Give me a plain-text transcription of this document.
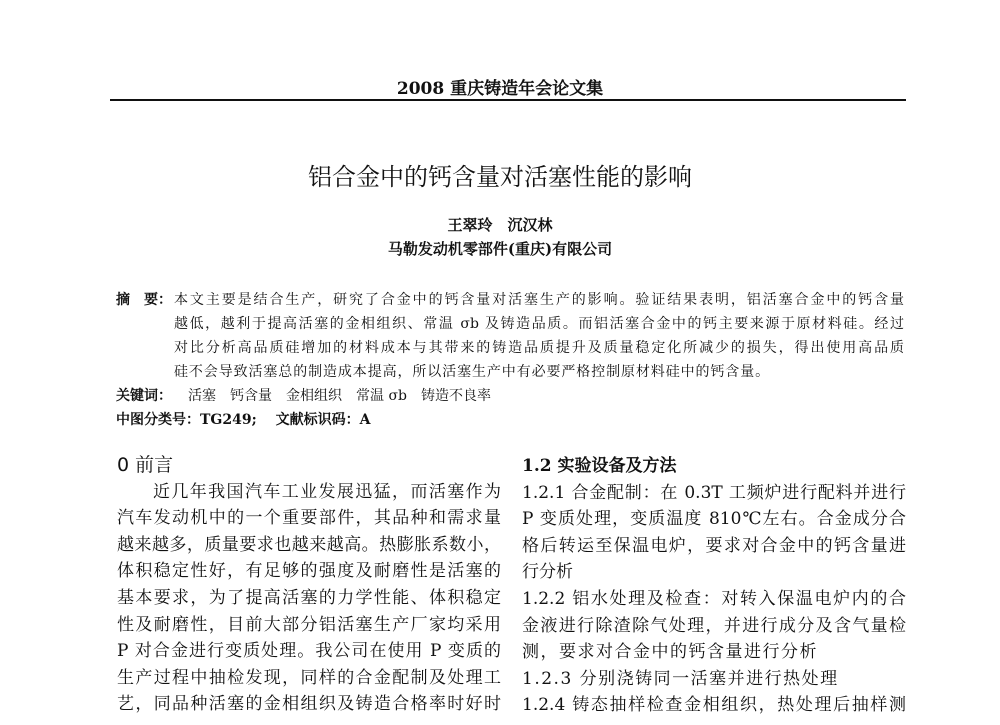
2008 重庆铸造年会论文集
铝合金中的钙含量对活塞性能的影响
王翠玲　沉汉林
马勒发动机零部件(重庆)有限公司
摘　要： 本文主要是结合生产，研究了合金中的钙含量对活塞生产的影响。验证结果表明，铝活塞合金中的钙含量
越低，越利于提高活塞的金相组织、常温 σb 及铸造品质。而铝活塞合金中的钙主要来源于原材料硅。经过
对比分析高品质硅增加的材料成本与其带来的铸造品质提升及质量稳定化所减少的损失，得出使用高品质
硅不会导致活塞总的制造成本提高，所以活塞生产中有必要严格控制原材料硅中的钙含量。
关键词： 活塞　钙含量　金相组织　常温 σb　铸造不良率
中图分类号：TG249;　 文献标识码：A
0 前言
近几年我国汽车工业发展迅猛，而活塞作为
汽车发动机中的一个重要部件，其品种和需求量
越来越多，质量要求也越来越高。热膨胀系数小，
体积稳定性好，有足够的强度及耐磨性是活塞的
基本要求，为了提高活塞的力学性能、体积稳定
性及耐磨性，目前大部分铝活塞生产厂家均采用
P 对合金进行变质处理。我公司在使用 P 变质的
生产过程中抽检发现，同样的合金配制及处理工
艺，同品种活塞的金相组织及铸造合格率时好时
1.2 实验设备及方法
1.2.1 合金配制：在 0.3T 工频炉进行配料并进行
P 变质处理，变质温度 810℃左右。合金成分合
格后转运至保温电炉，要求对合金中的钙含量进
行分析
1.2.2 铝水处理及检查：对转入保温电炉内的合
金液进行除渣除气处理，并进行成分及含气量检
测，要求对合金中的钙含量进行分析
1.2.3 分别浇铸同一活塞并进行热处理
1.2.4 铸态抽样检查金相组织，热处理后抽样测
